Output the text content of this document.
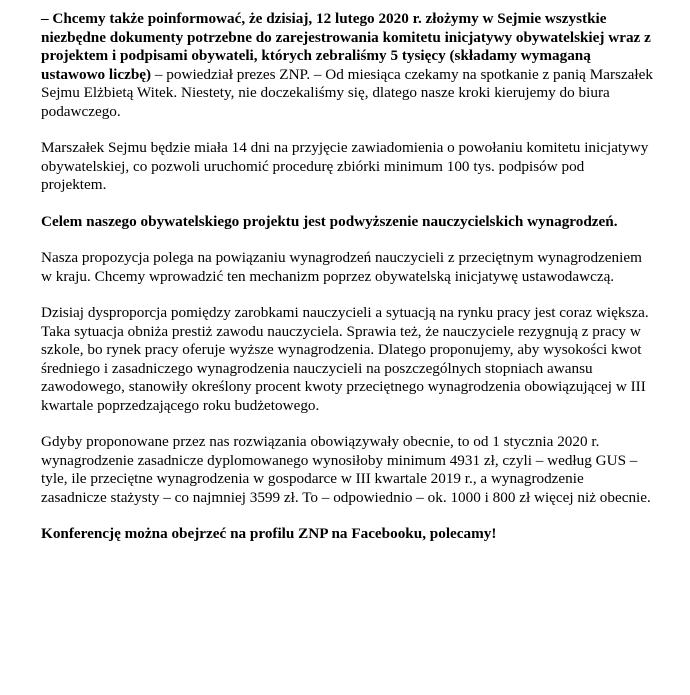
– Chcemy także poinformować, że dzisiaj, 12 lutego 2020 r. złożymy w Sejmie wszystkie niezbędne dokumenty potrzebne do zarejestrowania komitetu inicjatywy obywatelskiej wraz z projektem i podpisami obywateli, których zebraliśmy 5 tysięcy (składamy wymaganą ustawowo liczbę) – powiedział prezes ZNP. – Od miesiąca czekamy na spotkanie z panią Marszałek Sejmu Elżbietą Witek. Niestety, nie doczekaliśmy się, dlatego nasze kroki kierujemy do biura podawczego.

Marszałek Sejmu będzie miała 14 dni na przyjęcie zawiadomienia o powołaniu komitetu inicjatywy obywatelskiej, co pozwoli uruchomić procedurę zbiórki minimum 100 tys. podpisów pod projektem.

Celem naszego obywatelskiego projektu jest podwyższenie nauczycielskich wynagrodzeń.

Nasza propozycja polega na powiązaniu wynagrodzeń nauczycieli z przeciętnym wynagrodzeniem w kraju. Chcemy wprowadzić ten mechanizm poprzez obywatelską inicjatywę ustawodawczą.

Dzisiaj dysproporcja pomiędzy zarobkami nauczycieli a sytuacją na rynku pracy jest coraz większa. Taka sytuacja obniża prestiż zawodu nauczyciela. Sprawia też, że nauczyciele rezygnują z pracy w szkole, bo rynek pracy oferuje wyższe wynagrodzenia. Dlatego proponujemy, aby wysokości kwot średniego i zasadniczego wynagrodzenia nauczycieli na poszczególnych stopniach awansu zawodowego, stanowiły określony procent kwoty przeciętnego wynagrodzenia obowiązującej w III kwartale poprzedzającego roku budżetowego.

Gdyby proponowane przez nas rozwiązania obowiązywały obecnie, to od 1 stycznia 2020 r. wynagrodzenie zasadnicze dyplomowanego wynosiłoby minimum 4931 zł, czyli – według GUS – tyle, ile przeciętne wynagrodzenia w gospodarce w III kwartale 2019 r., a wynagrodzenie zasadnicze stażysty – co najmniej 3599 zł. To – odpowiednio – ok. 1000 i 800 zł więcej niż obecnie.

Konferencję można obejrzeć na profilu ZNP na Facebooku, polecamy!
